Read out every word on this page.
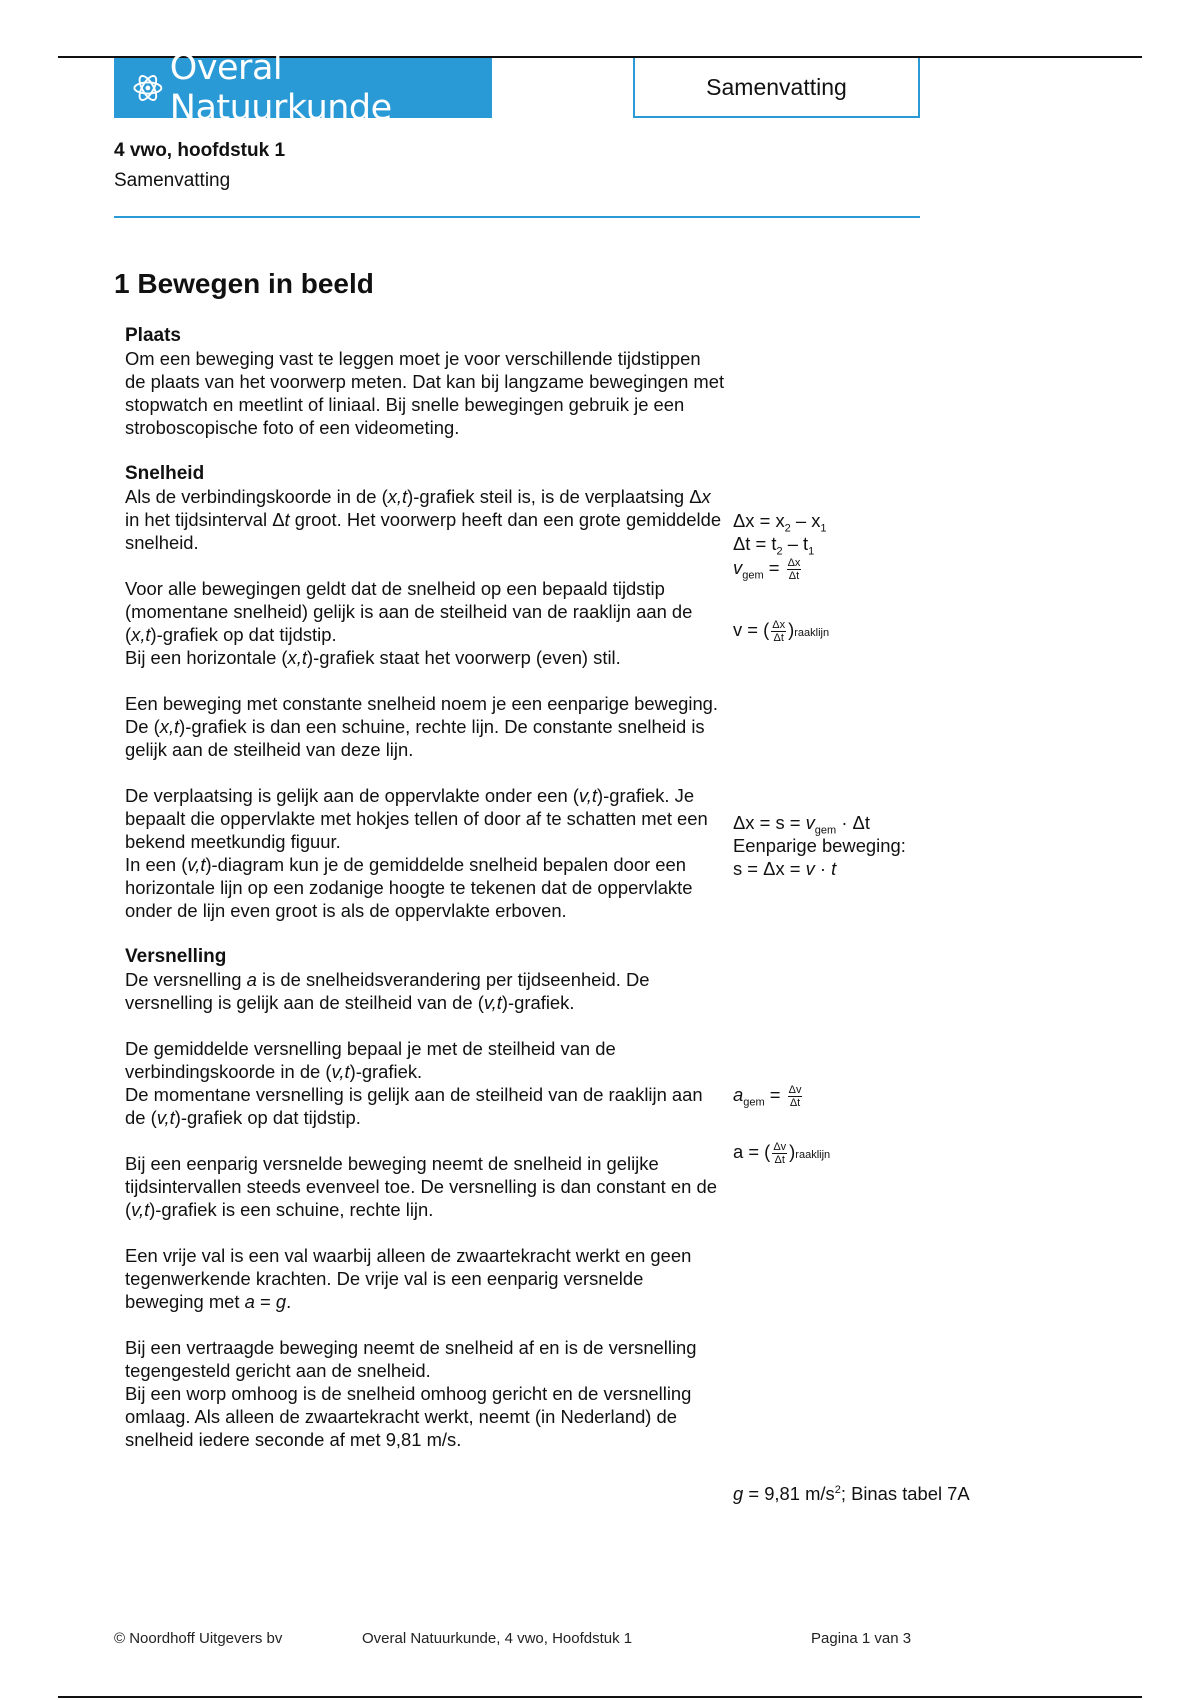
Overal Natuurkunde
Samenvatting
4 vwo, hoofdstuk 1
Samenvatting
1 Bewegen in beeld
Plaats

Om een beweging vast te leggen moet je voor verschillende tijdstippen de plaats van het voorwerp meten. Dat kan bij langzame bewegingen met stopwatch en meetlint of liniaal. Bij snelle bewegingen gebruik je een stroboscopische foto of een videometing.

Snelheid

Als de verbindingskoorde in de (x,t)-grafiek steil is, is de verplaatsing Δx in het tijdsinterval Δt groot. Het voorwerp heeft dan een grote gemiddelde snelheid.

Voor alle bewegingen geldt dat de snelheid op een bepaald tijdstip (momentane snelheid) gelijk is aan de steilheid van de raaklijn aan de (x,t)-grafiek op dat tijdstip.

Bij een horizontale (x,t)-grafiek staat het voorwerp (even) stil.

Een beweging met constante snelheid noem je een eenparige beweging. De (x,t)-grafiek is dan een schuine, rechte lijn. De constante snelheid is gelijk aan de steilheid van deze lijn.

De verplaatsing is gelijk aan de oppervlakte onder een (v,t)-grafiek. Je bepaalt die oppervlakte met hokjes tellen of door af te schatten met een bekend meetkundig figuur.

In een (v,t)-diagram kun je de gemiddelde snelheid bepalen door een horizontale lijn op een zodanige hoogte te tekenen dat de oppervlakte onder de lijn even groot is als de oppervlakte erboven.

Versnelling

De versnelling a is de snelheidsverandering per tijdseenheid. De versnelling is gelijk aan de steilheid van de (v,t)-grafiek.

De gemiddelde versnelling bepaal je met de steilheid van de verbindingskoorde in de (v,t)-grafiek.

De momentane versnelling is gelijk aan de steilheid van de raaklijn aan de (v,t)-grafiek op dat tijdstip.

Bij een eenparig versnelde beweging neemt de snelheid in gelijke tijdsintervallen steeds evenveel toe. De versnelling is dan constant en de (v,t)-grafiek is een schuine, rechte lijn.

Een vrije val is een val waarbij alleen de zwaartekracht werkt en geen tegenwerkende krachten. De vrije val is een eenparig versnelde beweging met a = g.

Bij een vertraagde beweging neemt de snelheid af en is de versnelling tegengesteld gericht aan de snelheid.

Bij een worp omhoog is de snelheid omhoog gericht en de versnelling omlaag. Als alleen de zwaartekracht werkt, neemt (in Nederland) de snelheid iedere seconde af met 9,81 m/s.

$\Delta x = x_2 - x_1$
$\Delta t = t_2 - t_1$
$v_{gem} = \frac{\Delta x}{\Delta t}$
v = ( $\frac{\Delta x}{\Delta t}$ )raaklijn
$\Delta x = s = v_{gem} \cdot \Delta t$
Eenparige beweging:
s = Δx = v · t
$a_{gem} = \frac{\Delta v}{\Delta t}$
a = ( $\frac{\Delta v}{\Delta t}$ )raaklijn
g = 9,81 $m/s^2$; Binas tabel 7A
© Noordhoff Uitgevers bv	Overal Natuurkunde, 4 vwo, Hoofdstuk 1	Pagina 1 van 3
